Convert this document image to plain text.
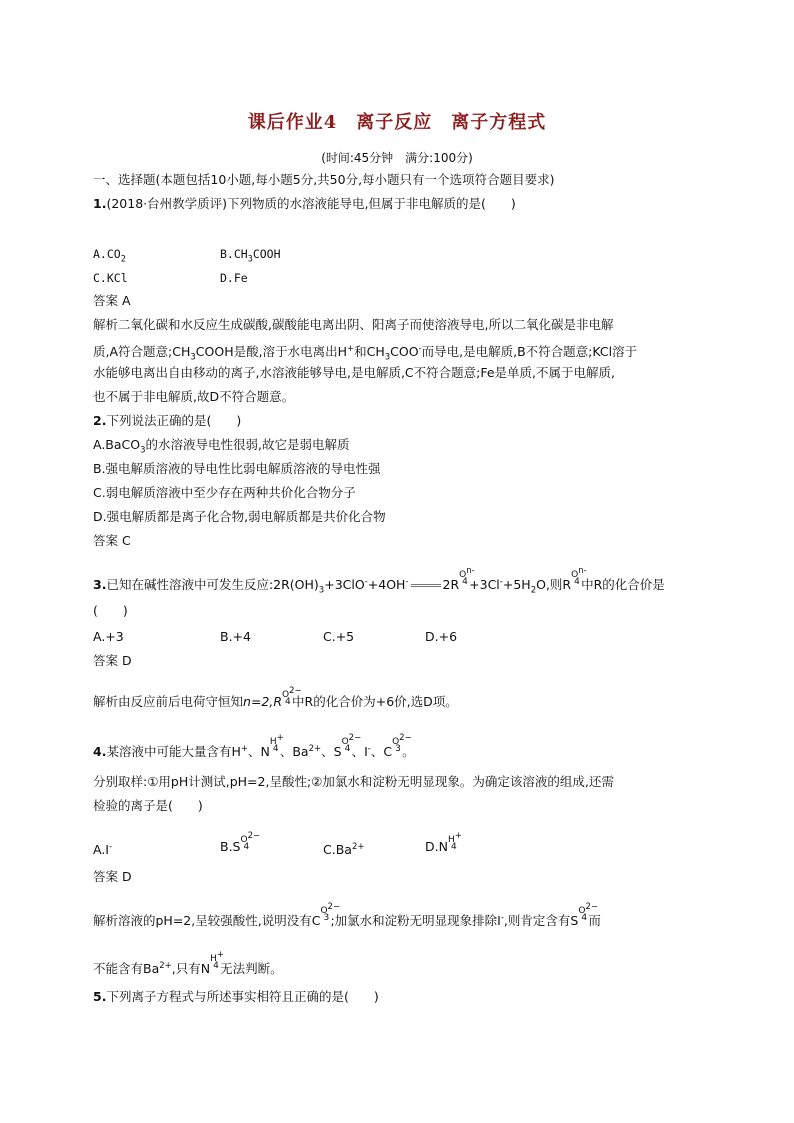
课后作业4　离子反应　离子方程式
(时间:45分钟　满分:100分)
一、选择题(本题包括10小题,每小题5分,共50分,每小题只有一个选项符合题目要求)
1.(2018·台州教学质评)下列物质的水溶液能导电,但属于非电解质的是(　　)
$A.CO_2$	$B.CH_3COOH$
C.KCl	D.Fe
答案 A
解析二氧化碳和水反应生成碳酸,碳酸能电离出阴、阳离子而使溶液导电,所以二氧化碳是非电解
质,A符合题意$;CH_3COOH$是酸,溶于水电离出H+和$CH_3COO^-$而导电,是电解质,B不符合题意;KCl溶于
水能够电离出自由移动的离子,水溶液能够导电,是电解质,C不符合题意;Fe是单质,不属于电解质,
也不属于非电解质,故D不符合题意。
2.下列说法正确的是(　　)
A.BaCO$_3$的水溶液导电性很弱,故它是弱电解质
B.强电解质溶液的导电性比弱电解质溶液的导电性强
C.弱电解质溶液中至少存在两种共价化合物分子
D.强电解质都是离子化合物,弱电解质都是共价化合物
答案 C
3.已知在碱性溶液中可发生反应$:2R(OH)_3+3ClO^-+4OH^-$	2R
$O^{n-}$
$4 +3Cl^-+5H_2O$,则R
$O^{n-}$
4 中R的化合价是
(　　)
A.+3	B.+4	C.+5	D.+6
答案 D
解析由反应前后电荷守恒知n=2,R $O^{2-}$
4 中R的化合价为+6价,选D项。
4.某溶液中可能大量含有H+、N
H+
4 、$Ba^{2+}$、S
$O^{2-}$
4 、I-、C
$O^{2-}$
3 。
分别取样:①用pH计测试,pH=2,呈酸性;②加氯水和淀粉无明显现象。为确定该溶液的组成,还需
检验的离子是(　　)
A.I-	B.S $O^{2-}$
4	$C.Ba^{2+}$	D.N H+
4
答案 D
解析溶液的pH=2,呈较强酸性,说明没有C
$O^{2-}$
3 ;加氯水和淀粉无明显现象排除I-,则肯定含有S
$O^{2-}$
4 而
不能含有$Ba^{2+}$,只有N
H+
4 无法判断。
5.下列离子方程式与所述事实相符且正确的是(　　)
